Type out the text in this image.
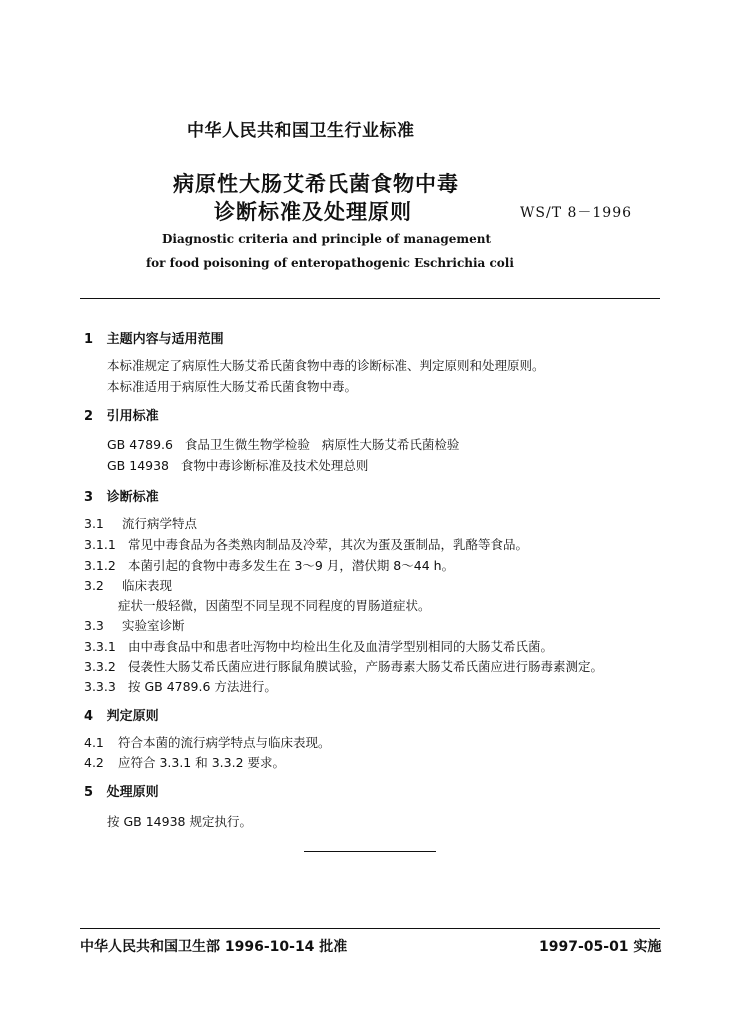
中华人民共和国卫生行业标准
病原性大肠艾希氏菌食物中毒
诊断标准及处理原则	WS/T 8－1996
Diagnostic criteria and principle of management
for food poisoning of enteropathogenic Eschrichia coli
1 主题内容与适用范围
本标准规定了病原性大肠艾希氏菌食物中毒的诊断标准、判定原则和处理原则。
本标准适用于病原性大肠艾希氏菌食物中毒。
2 引用标准
GB 4789.6   食品卫生微生物学检验   病原性大肠艾希氏菌检验
GB 14938   食物中毒诊断标准及技术处理总则
3 诊断标准
3.1 流行病学特点
3.1.1 常见中毒食品为各类熟肉制品及冷荤，其次为蛋及蛋制品，乳酪等食品。
3.1.2 本菌引起的食物中毒多发生在 3～9 月，潜伏期 8～44 h。
3.2 临床表现
症状一般轻微，因菌型不同呈现不同程度的胃肠道症状。
3.3 实验室诊断
3.3.1 由中毒食品中和患者吐泻物中均检出生化及血清学型别相同的大肠艾希氏菌。
3.3.2 侵袭性大肠艾希氏菌应进行豚鼠角膜试验，产肠毒素大肠艾希氏菌应进行肠毒素测定。
3.3.3 按 GB 4789.6 方法进行。
4 判定原则
4.1 符合本菌的流行病学特点与临床表现。
4.2 应符合 3.3.1 和 3.3.2 要求。
5 处理原则
按 GB 14938 规定执行。
中华人民共和国卫生部 1996-10-14 批准	1997-05-01 实施
